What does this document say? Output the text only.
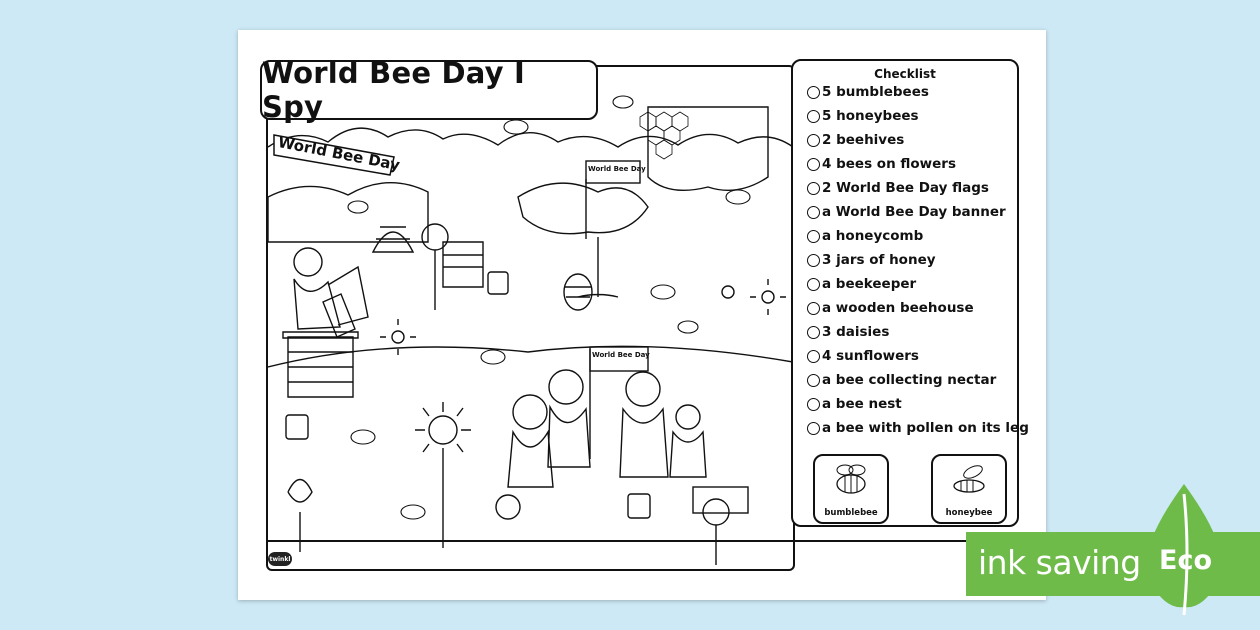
World Bee Day	World Bee Day
World Bee Day
World Bee Day I Spy
Checklist
5 bumblebees
5 honeybees
2 beehives
4 bees on flowers
2 World Bee Day flags
a World Bee Day banner
a honeycomb
3 jars of honey
a beekeeper
a wooden beehouse
3 daisies
4 sunflowers
a bee collecting nectar
a bee nest
a bee with pollen on its leg
bumblebee	honeybee
twinkl	ink saving Eco
